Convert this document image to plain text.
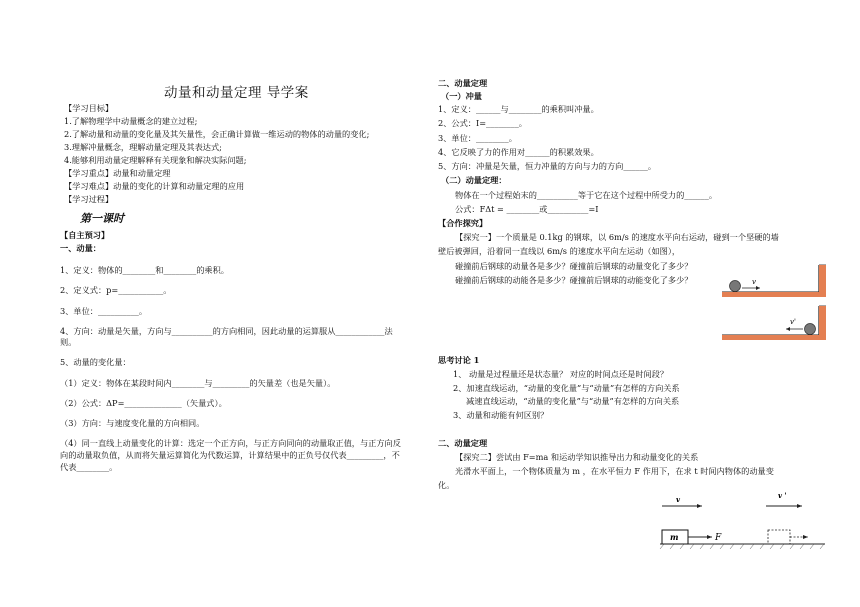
动量和动量定理 导学案
【学习目标】
1.了解物理学中动量概念的建立过程;
2.了解动量和动量的变化量及其矢量性，会正确计算做一维运动的物体的动量的变化;
3.理解冲量概念，理解动量定理及其表达式;
4.能够利用动量定理解释有关现象和解决实际问题;
【学习重点】动量和动量定理
【学习难点】动量的变化的计算和动量定理的应用
【学习过程】
第一课时
【自主预习】
一、动量：
1、定义：物体的________和________的乘积。
2、定义式：p=___________。
3、单位：__________。
4、方向：动量是矢量，方向与__________的方向相同，因此动量的运算服从____________法
则。
5、动量的变化量：
（1）定义：物体在某段时间内________与_________的矢量差（也是矢量）。
（2）公式：ΔP=______________（矢量式）。
（3）方向：与速度变化量的方向相同。
（4）同一直线上动量变化的计算：选定一个正方向，与正方向同向的动量取正值，与正方向反
向的动量取负值，从而将矢量运算简化为代数运算，计算结果中的正负号仅代表_________，不
代表________。
二、动量定理
（一）冲量
1、定义：______与________的乘积叫冲量。
2、公式：I=________。
3、单位：________。
4、它反映了力的作用对______的积累效果。
5、方向：冲量是矢量，恒力冲量的方向与力的方向______。
（二）动量定理：
物体在一个过程始末的__________等于它在这个过程中所受力的______。
公式：FΔt = ________或__________=I
【合作探究】
【探究一】一个质量是 0.1kg 的钢球，以 6m/s 的速度水平向右运动，碰到一个坚硬的墙
壁后被弹回，沿着同一直线以 6m/s 的速度水平向左运动（如图），
碰撞前后钢球的动量各是多少？碰撞前后钢球的动量变化了多少？
碰撞前后钢球的动能各是多少？碰撞前后钢球的动能变化了多少？	v
v'
思考讨论 1
1、 动量是过程量还是状态量？ 对应的时间点还是时间段？
2、加速直线运动，“动量的变化量”与“动量”有怎样的方向关系
减速直线运动，“动量的变化量”与“动量”有怎样的方向关系
3、动量和动能有何区别？
二、动量定理
【探究二】尝试由 F=ma 和运动学知识推导出力和动量变化的关系
光滑水平面上，一个物体质量为 m ，在水平恒力 F 作用下，在求 t 时间内物体的动量变
化。
v	v '
m	F
